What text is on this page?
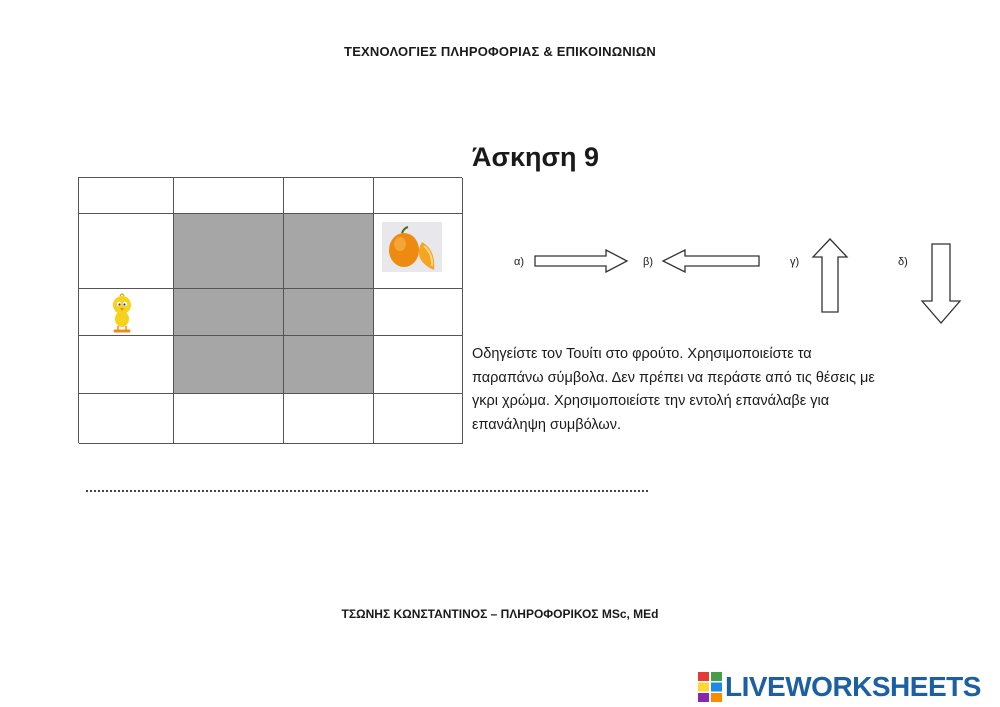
ΤΕΧΝΟΛΟΓΙΕΣ ΠΛΗΡΟΦΟΡΙΑΣ & ΕΠΙΚΟΙΝΩΝΙΩΝ
Άσκηση 9
α)	β)	γ)	δ)
Οδηγείστε τον Τουίτι στο φρούτο. Χρησιμοποιείστε τα
παραπάνω σύμβολα. Δεν πρέπει να περάστε από τις θέσεις με
γκρι χρώμα. Χρησιμοποιείστε την εντολή επανάλαβε για
επανάληψη συμβόλων.
ΤΣΩΝΗΣ ΚΩΝΣΤΑΝΤΙΝΟΣ – ΠΛΗΡΟΦΟΡΙΚΟΣ MSc, MEd
LIVEWORKSHEETS
